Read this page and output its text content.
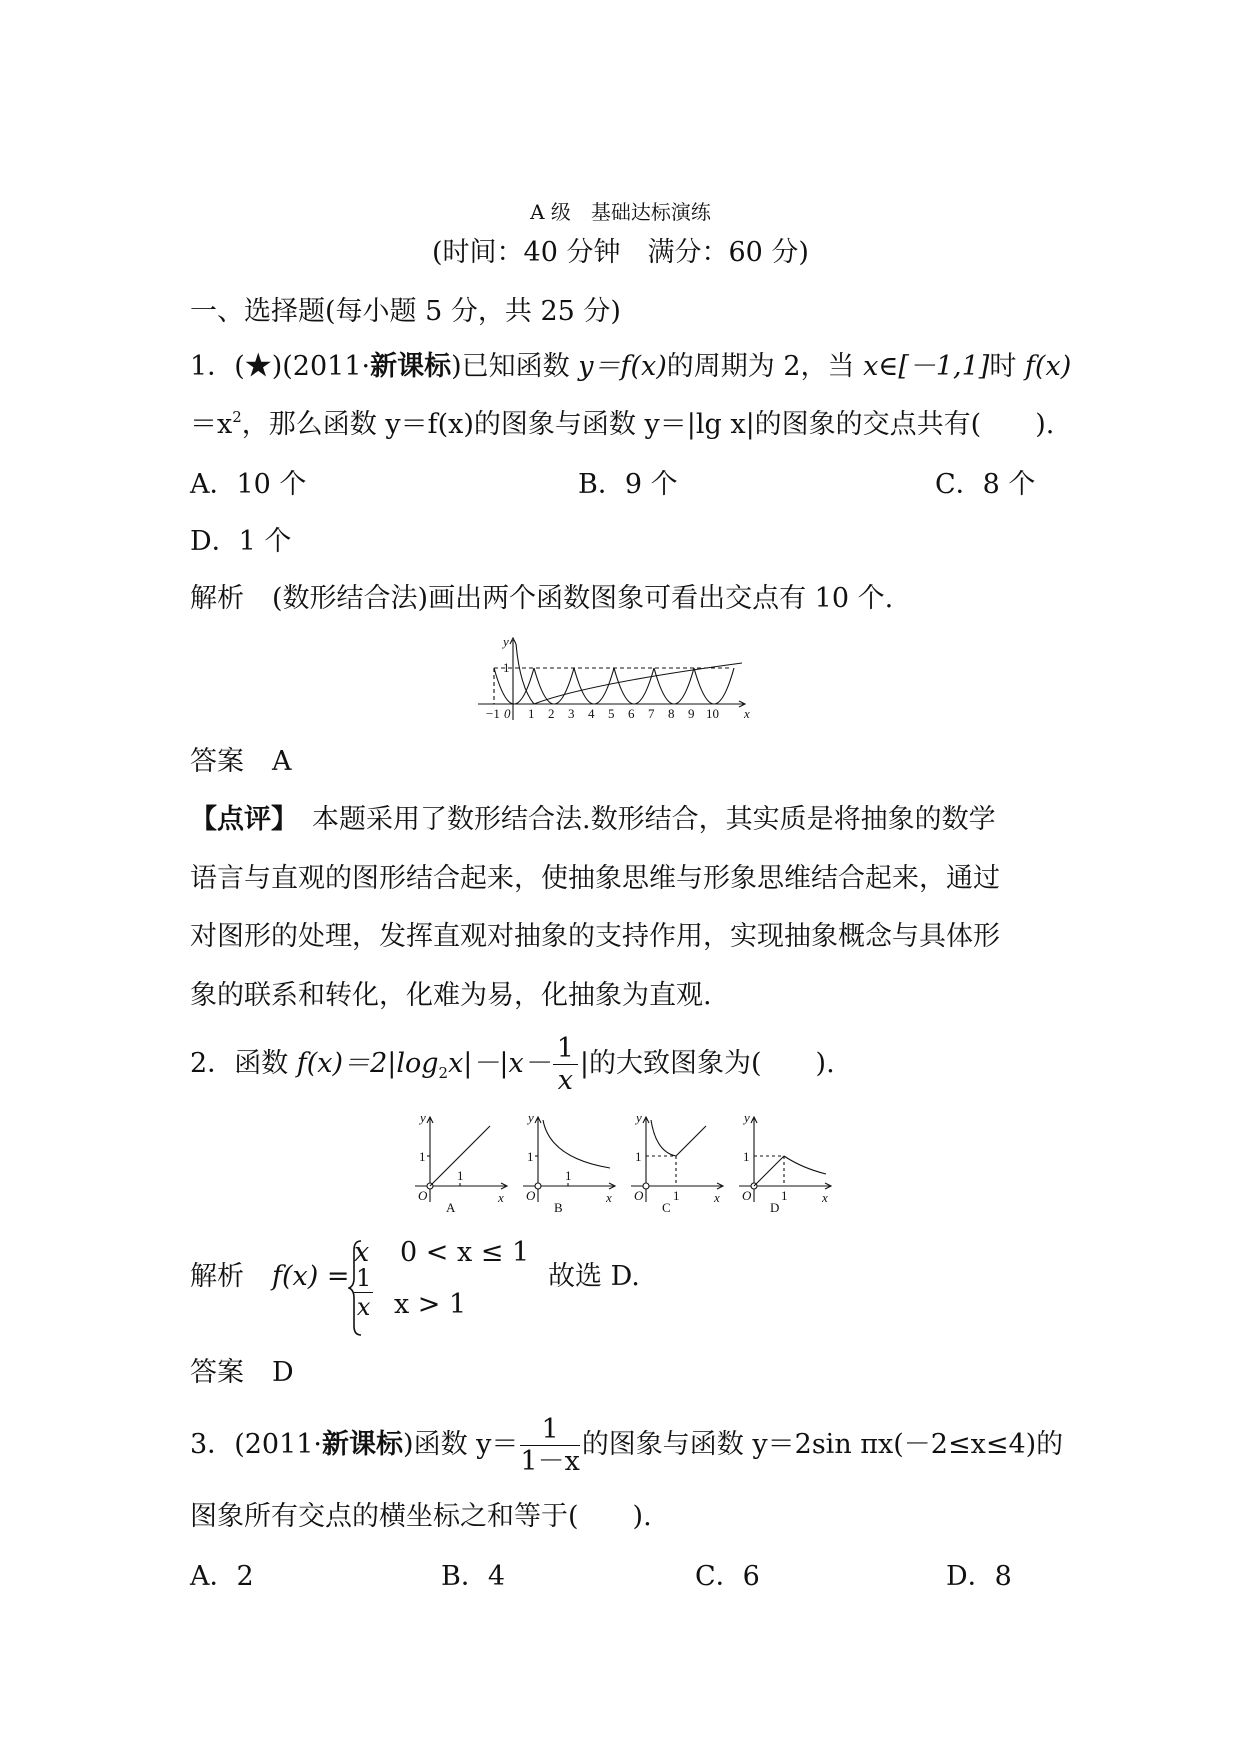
A 级　基础达标演练
(时间：40 分钟　满分：60 分)
一、选择题(每小题 5 分，共 25 分)
1．(★)(2011·新课标)已知函数 y＝f(x)的周期为 2，当 x∈[－1,1]时 f(x)
$=x^2$，那么函数 y＝f(x)的图象与函数 y＝|lg x|的图象的交点共有(　　).
A．10 个	B．9 个	C．8 个
D．1 个
解析 (数形结合法)画出两个函数图象可看出交点有 10 个.
y
1
x
−1 0 1 2 3 4 5 6 7 8 9 10
答案 A
【点评】 本题采用了数形结合法.数形结合，其实质是将抽象的数学
语言与直观的图形结合起来，使抽象思维与形象思维结合起来，通过
对图形的处理，发挥直观对抽象的支持作用，实现抽象概念与具体形
象的联系和转化，化难为易，化抽象为直观.
2．函数 $f(x)=2|\log_2x|-|x- \frac{1}{x}$ |的大致图象为(　　).
y
1
O
1
x
A
y
1
O
1
x
B
y
1
O 1	x
C
y
1
O 1	x
D
解析 f(x) =
x 0 < x ≤ 1
$\frac{1}{x}$ x > 1
故选 D.
答案 D
3．(2011·新课标)函数 $y= \frac{1}{1-x}$ 的图象与函数 y＝2sin πx(－2≤x≤4)的
图象所有交点的横坐标之和等于(　　).
A．2	B．4	C．6	D．8
